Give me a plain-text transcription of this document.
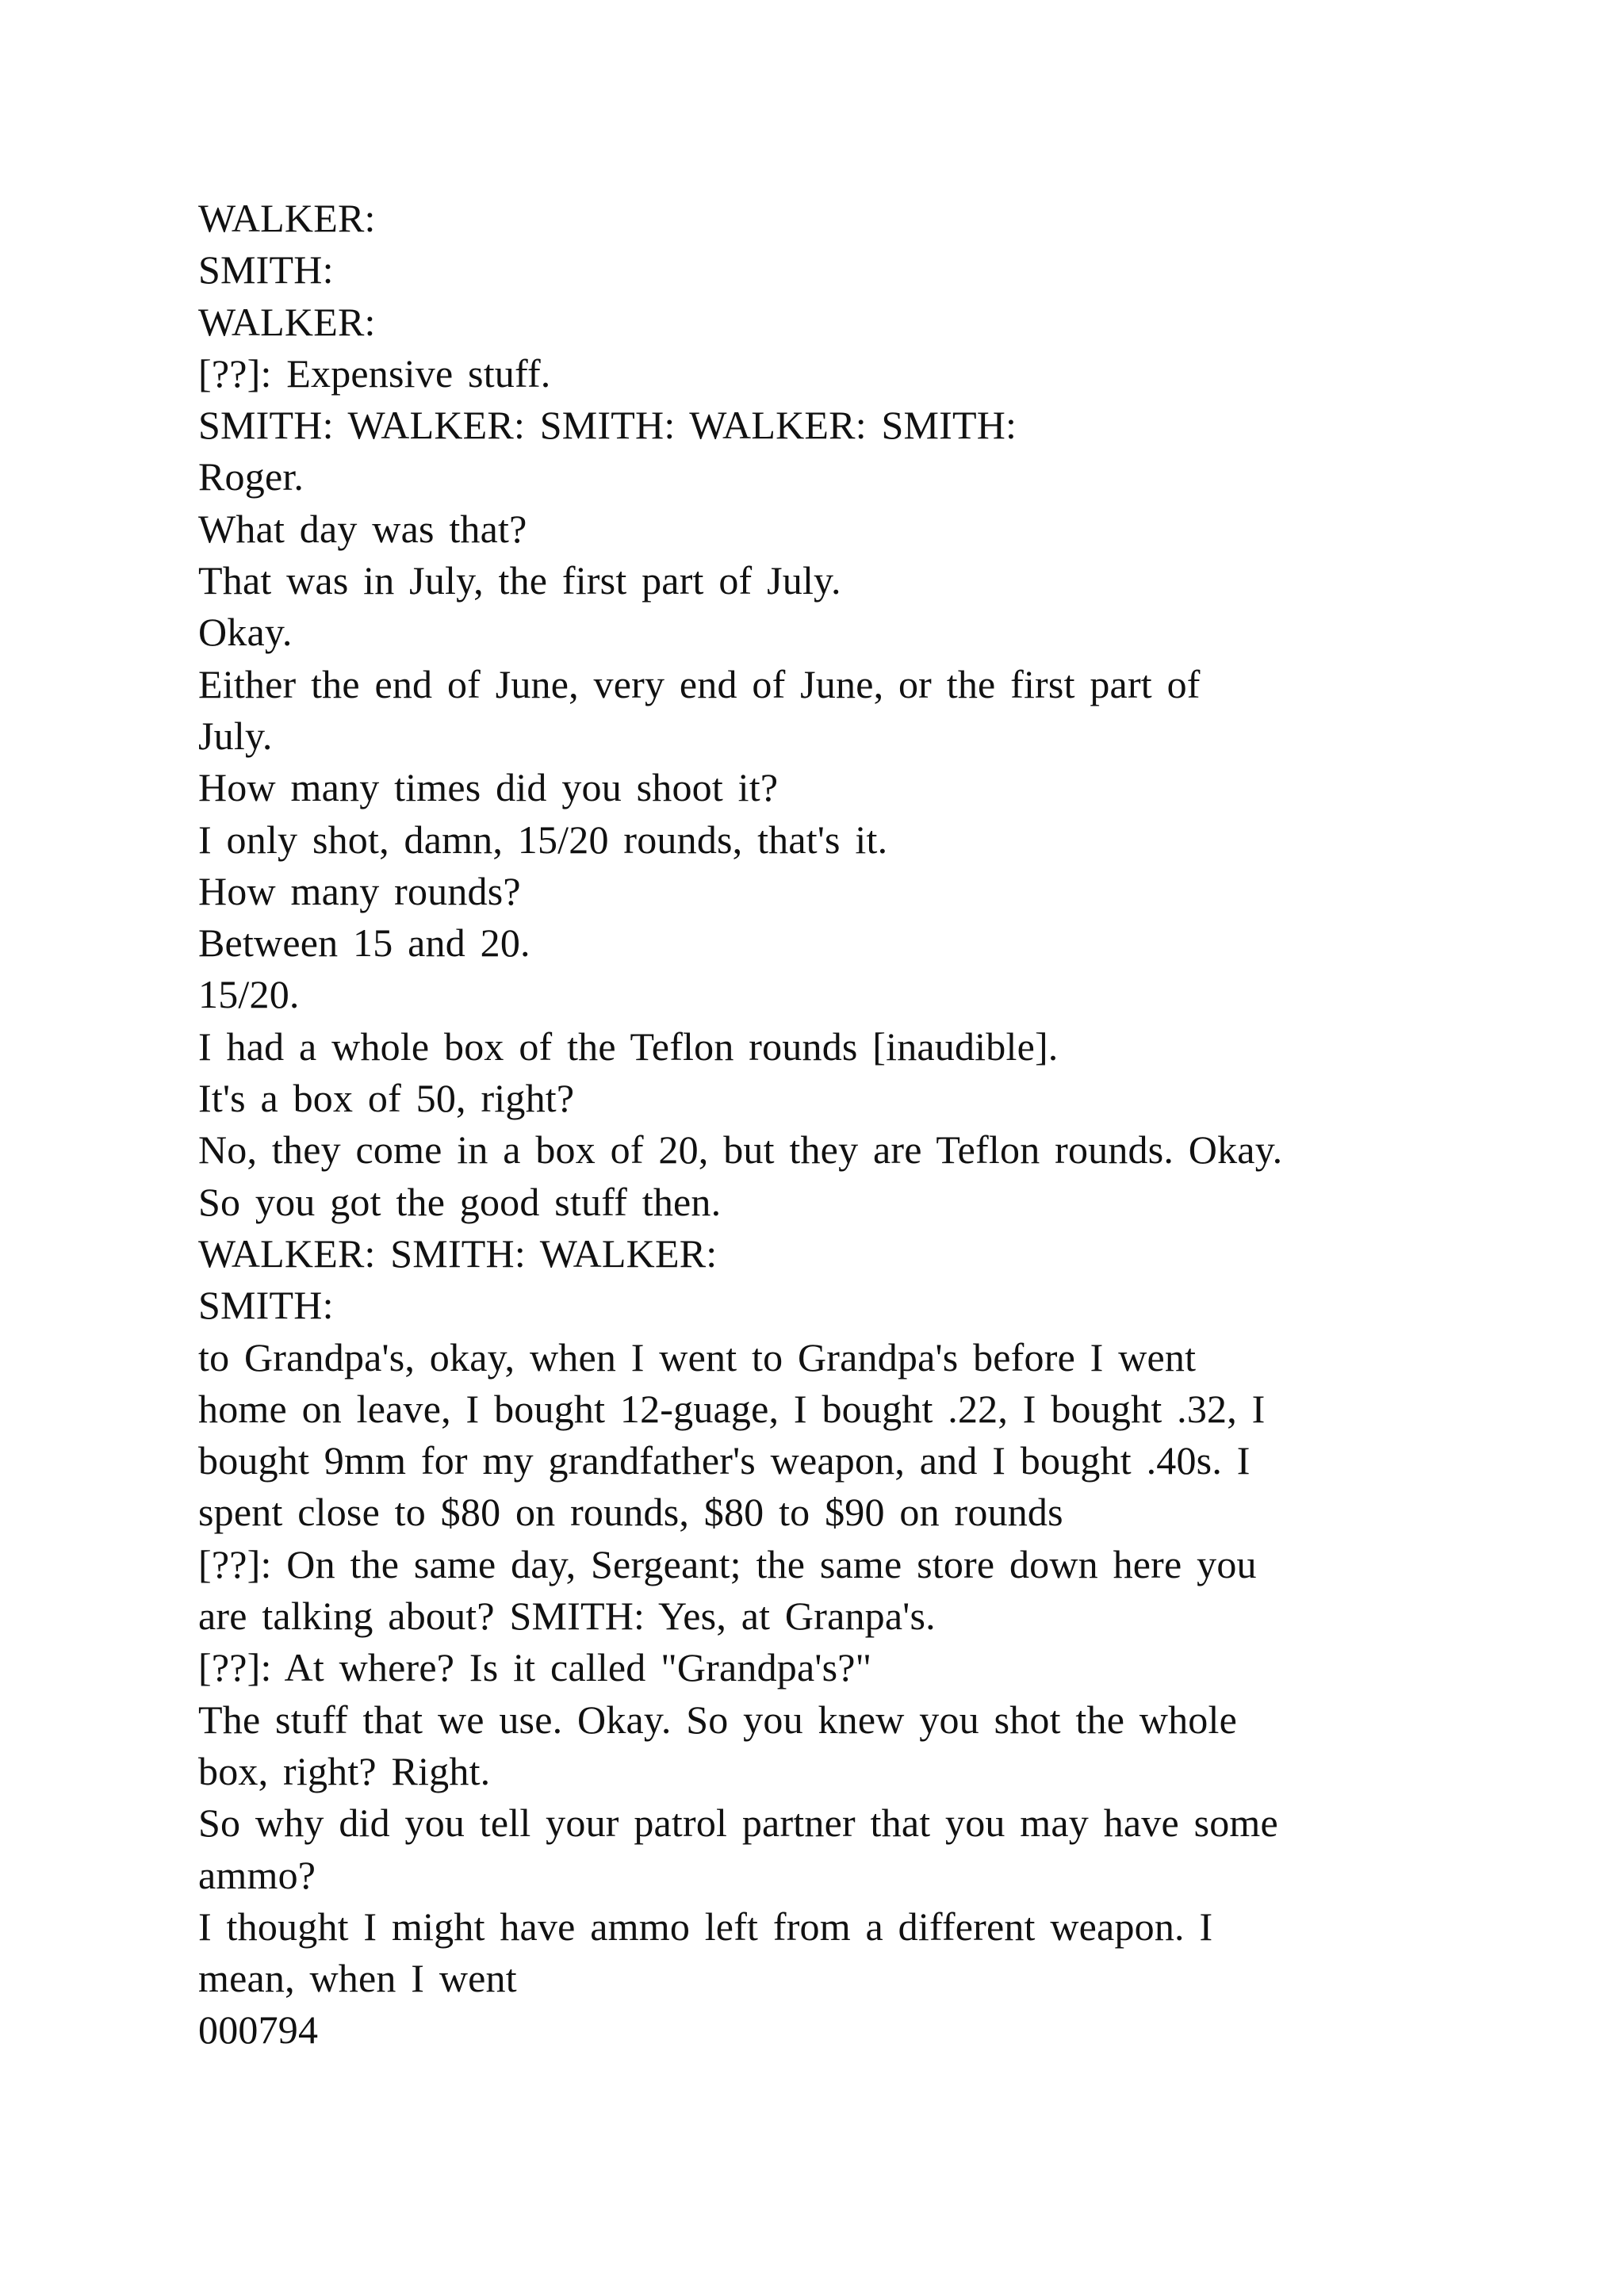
WALKER:
SMITH:
WALKER:
[??]: Expensive stuff.
SMITH: WALKER: SMITH: WALKER: SMITH:
Roger.
What day was that?
That was in July, the first part of July.
Okay.
Either the end of June, very end of June, or the first part of
July.
How many times did you shoot it?
I only shot, damn, 15/20 rounds, that's it.
How many rounds?
Between 15 and 20.
15/20.
I had a whole box of the Teflon rounds [inaudible].
It's a box of 50, right?
No, they come in a box of 20, but they are Teflon rounds. Okay.
So you got the good stuff then.
WALKER: SMITH: WALKER:
SMITH:
to Grandpa's, okay, when I went to Grandpa's before I went
home on leave, I bought 12-guage, I bought .22, I bought .32, I
bought 9mm for my grandfather's weapon, and I bought .40s. I
spent close to $80 on rounds, $80 to $90 on rounds
[??]: On the same day, Sergeant; the same store down here you
are talking about? SMITH: Yes, at Granpa's.
[??]: At where? Is it called "Grandpa's?"
The stuff that we use. Okay. So you knew you shot the whole
box, right? Right.
So why did you tell your patrol partner that you may have some
ammo?
I thought I might have ammo left from a different weapon. I
mean, when I went
000794
